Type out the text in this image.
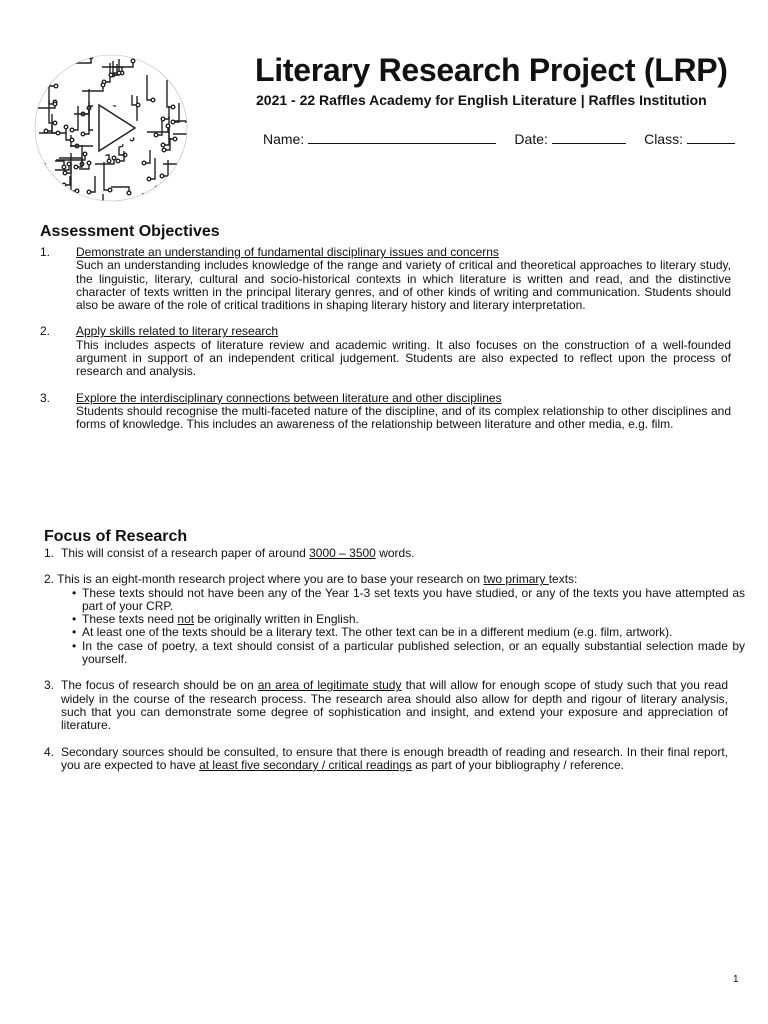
Literary Research Project (LRP)
2021 - 22 Raffles Academy for English Literature | Raffles Institution
Name:	Date:	Class:
Assessment Objectives
1. Demonstrate an understanding of fundamental disciplinary issues and concerns
Such an understanding includes knowledge of the range and variety of critical and theoretical approaches to literary study, the linguistic, literary, cultural and socio-historical contexts in which literature is written and read, and the distinctive character of texts written in the principal literary genres, and of other kinds of writing and communication. Students should also be aware of the role of critical traditions in shaping literary history and literary interpretation.
2. Apply skills related to literary research
This includes aspects of literature review and academic writing. It also focuses on the construction of a well-founded argument in support of an independent critical judgement. Students are also expected to reflect upon the process of research and analysis.
3. Explore the interdisciplinary connections between literature and other disciplines
Students should recognise the multi-faceted nature of the discipline, and of its complex relationship to other disciplines and forms of knowledge. This includes an awareness of the relationship between literature and other media, e.g. film.
Focus of Research
1. This will consist of a research paper of around 3000 – 3500 words.
2. This is an eight-month research project where you are to base your research on two primary texts:
• These texts should not have been any of the Year 1-3 set texts you have studied, or any of the texts you have attempted as part of your CRP.
• These texts need not be originally written in English.
• At least one of the texts should be a literary text. The other text can be in a different medium (e.g. film, artwork).
• In the case of poetry, a text should consist of a particular published selection, or an equally substantial selection made by yourself.
3. The focus of research should be on an area of legitimate study that will allow for enough scope of study such that you read widely in the course of the research process. The research area should also allow for depth and rigour of literary analysis, such that you can demonstrate some degree of sophistication and insight, and extend your exposure and appreciation of literature.
4. Secondary sources should be consulted, to ensure that there is enough breadth of reading and research. In their final report, you are expected to have at least five secondary / critical readings as part of your bibliography / reference.
1
